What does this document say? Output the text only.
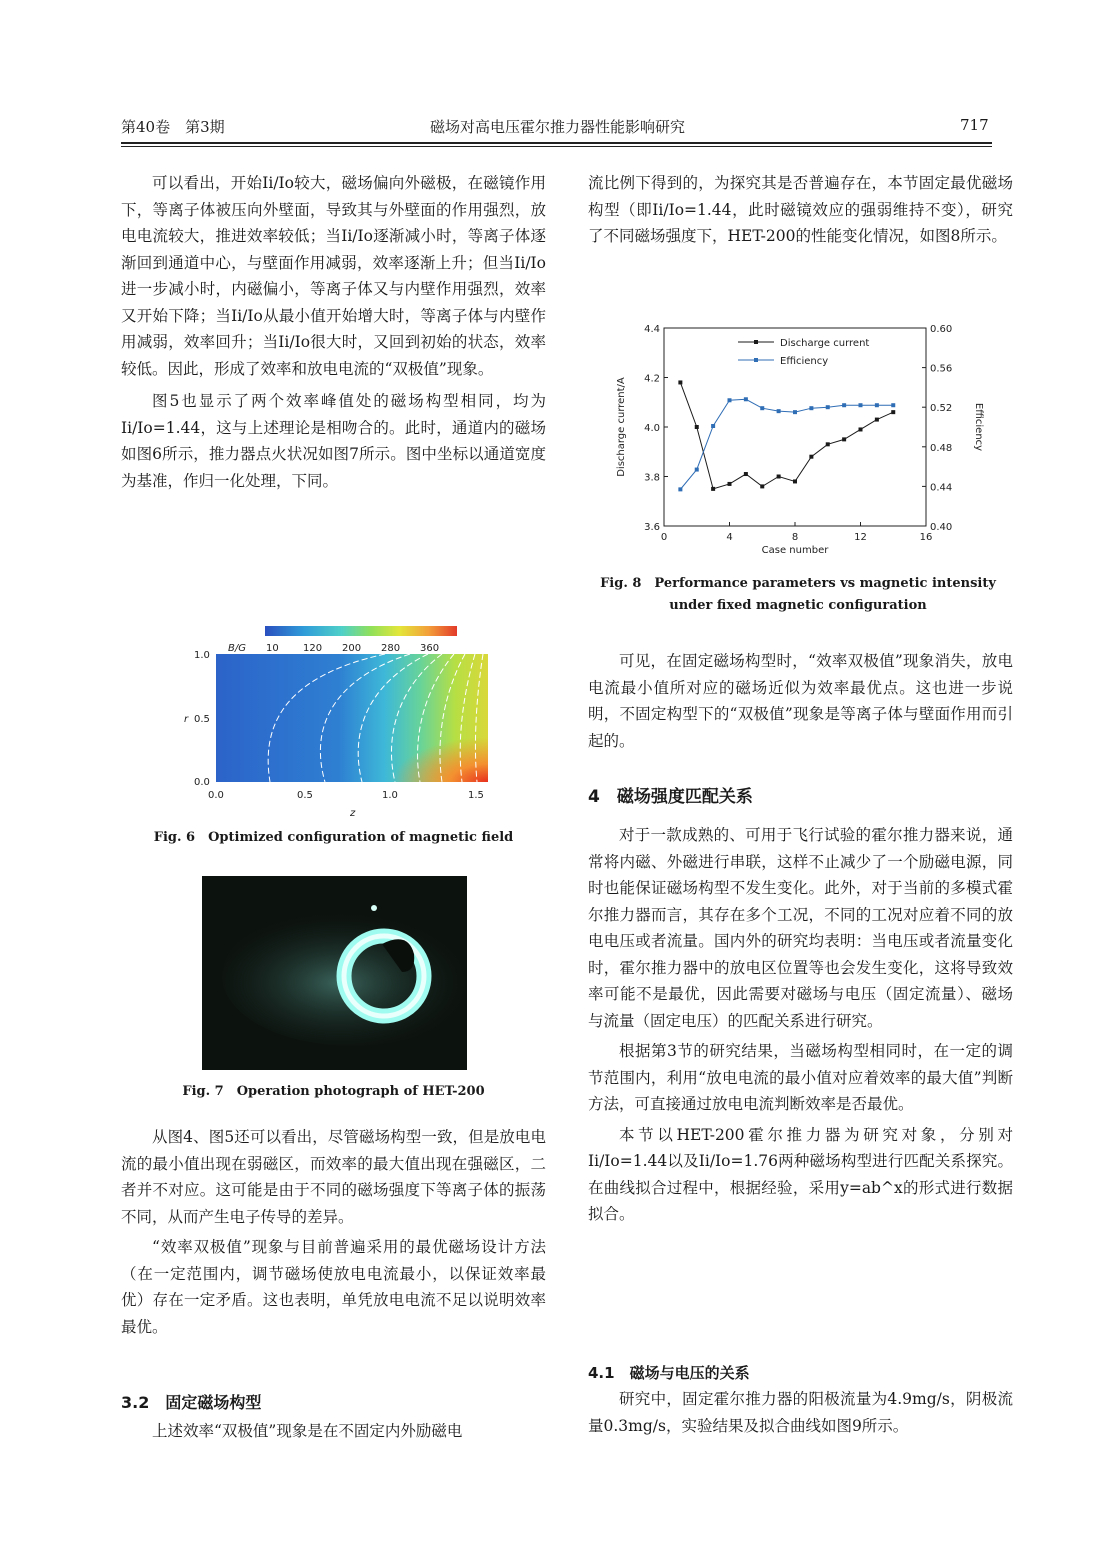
第40卷　第3期	磁场对高电压霍尔推力器性能影响研究	717

可以看出，开始Ii/Io较大，磁场偏向外磁极，在磁镜作用下，等离子体被压向外壁面，导致其与外壁面的作用强烈，放电电流较大，推进效率较低；当Ii/Io逐渐减小时，等离子体逐渐回到通道中心，与壁面作用减弱，效率逐渐上升；但当Ii/Io进一步减小时，内磁偏小，等离子体又与内壁作用强烈，效率又开始下降；当Ii/Io从最小值开始增大时，等离子体与内壁作用减弱，效率回升；当Ii/Io很大时，又回到初始的状态，效率较低。因此，形成了效率和放电电流的“双极值”现象。

图5也显示了两个效率峰值处的磁场构型相同，均为Ii/Io=1.44，这与上述理论是相吻合的。此时，通道内的磁场如图6所示，推力器点火状况如图7所示。图中坐标以通道宽度为基准，作归一化处理，下同。

B/G 10 120 200 280 360
1.0
0.5
0.0
r
0.0	0.5	1.0	1.5
z
Fig. 6　Optimized configuration of magnetic field
Fig. 7　Operation photograph of HET-200

从图4、图5还可以看出，尽管磁场构型一致，但是放电电流的最小值出现在弱磁区，而效率的最大值出现在强磁区，二者并不对应。这可能是由于不同的磁场强度下等离子体的振荡不同，从而产生电子传导的差异。

“效率双极值”现象与目前普遍采用的最优磁场设计方法（在一定范围内，调节磁场使放电电流最小，以保证效率最优）存在一定矛盾。这也表明，单凭放电电流不足以说明效率最优。

3.2　固定磁场构型

上述效率“双极值”现象是在不固定内外励磁电

流比例下得到的，为探究其是否普遍存在，本节固定最优磁场构型（即Ii/Io=1.44，此时磁镜效应的强弱维持不变），研究了不同磁场强度下，HET-200的性能变化情况，如图8所示。

0	4	8	12	16
3.6
3.8
4.0
4.2
4.4
0.40
0.44
0.48
0.52
0.56
0.60
Case number
Discharge current/A	Efficiency
Discharge current
Efficiency
Fig. 8　Performance parameters vs magnetic intensity
under fixed magnetic configuration

可见，在固定磁场构型时，“效率双极值”现象消失，放电电流最小值所对应的磁场近似为效率最优点。这也进一步说明，不固定构型下的“双极值”现象是等离子体与壁面作用而引起的。

4　磁场强度匹配关系

对于一款成熟的、可用于飞行试验的霍尔推力器来说，通常将内磁、外磁进行串联，这样不止减少了一个励磁电源，同时也能保证磁场构型不发生变化。此外，对于当前的多模式霍尔推力器而言，其存在多个工况，不同的工况对应着不同的放电电压或者流量。国内外的研究均表明：当电压或者流量变化时，霍尔推力器中的放电区位置等也会发生变化，这将导致效率可能不是最优，因此需要对磁场与电压（固定流量）、磁场与流量（固定电压）的匹配关系进行研究。

根据第3节的研究结果，当磁场构型相同时，在一定的调节范围内，利用“放电电流的最小值对应着效率的最大值”判断方法，可直接通过放电电流判断效率是否最优。

本节以HET-200霍尔推力器为研究对象，分别对Ii/Io=1.44以及Ii/Io=1.76两种磁场构型进行匹配关系探究。在曲线拟合过程中，根据经验，采用y=ab^x的形式进行数据拟合。

4.1　磁场与电压的关系

研究中，固定霍尔推力器的阳极流量为4.9mg/s，阴极流量0.3mg/s，实验结果及拟合曲线如图9所示。
